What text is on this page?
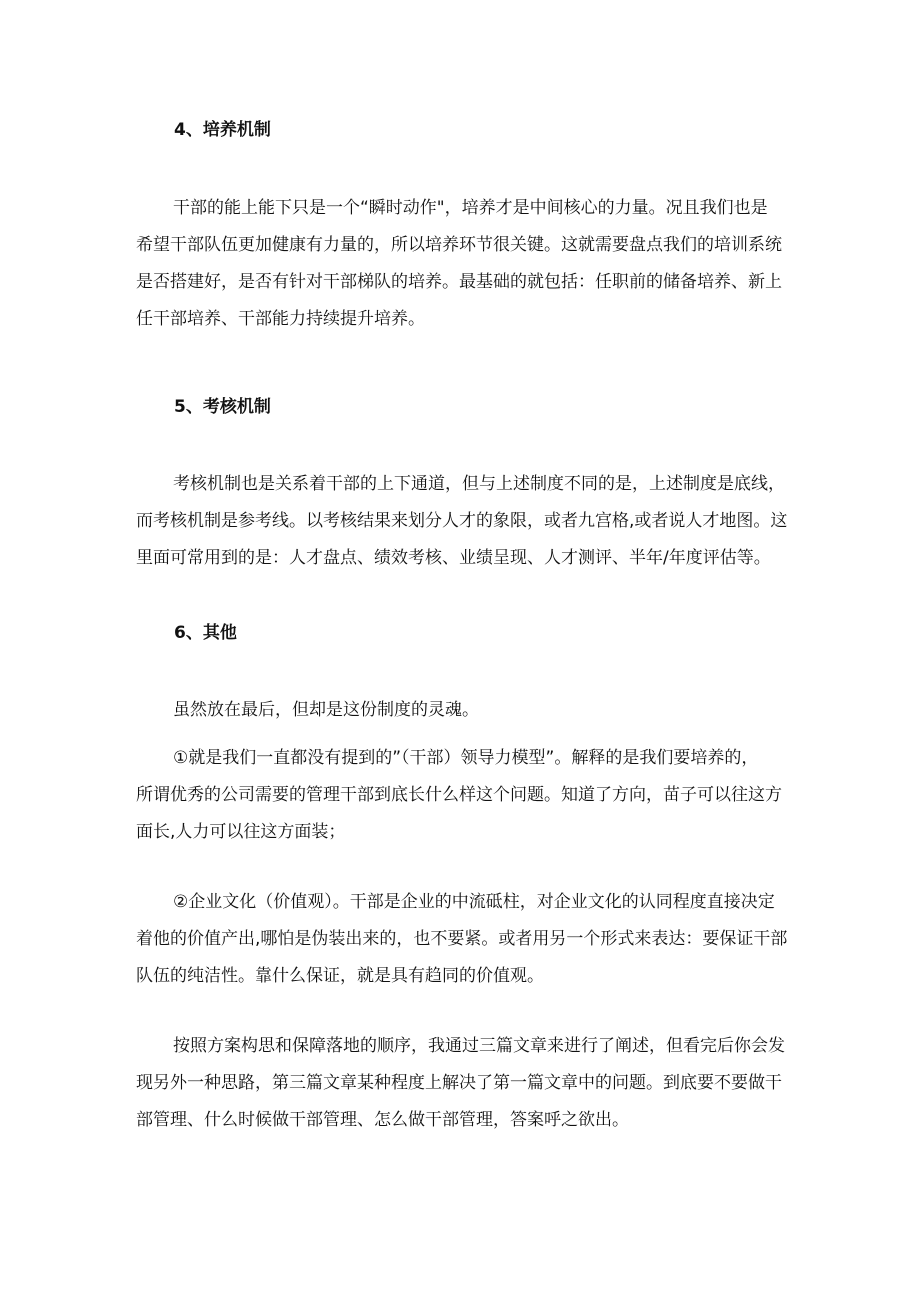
4、培养机制
干部的能上能下只是一个“瞬时动作"，培养才是中间核心的力量。况且我们也是
希望干部队伍更加健康有力量的，所以培养环节很关键。这就需要盘点我们的培训系统
是否搭建好，是否有针对干部梯队的培养。最基础的就包括：任职前的储备培养、新上
任干部培养、干部能力持续提升培养。
5、考核机制
考核机制也是关系着干部的上下通道，但与上述制度不同的是，上述制度是底线，
而考核机制是参考线。以考核结果来划分人才的象限，或者九宫格,或者说人才地图。这
里面可常用到的是：人才盘点、绩效考核、业绩呈现、人才测评、半年/年度评估等。
6、其他
虽然放在最后，但却是这份制度的灵魂。
①就是我们一直都没有提到的”（干部）领导力模型”。解释的是我们要培养的，
所谓优秀的公司需要的管理干部到底长什么样这个问题。知道了方向，苗子可以往这方
面长,人力可以往这方面装；
②企业文化（价值观）。干部是企业的中流砥柱，对企业文化的认同程度直接决定
着他的价值产出,哪怕是伪装出来的，也不要紧。或者用另一个形式来表达：要保证干部
队伍的纯洁性。靠什么保证，就是具有趋同的价值观。
按照方案构思和保障落地的顺序，我通过三篇文章来进行了阐述，但看完后你会发
现另外一种思路，第三篇文章某种程度上解决了第一篇文章中的问题。到底要不要做干
部管理、什么时候做干部管理、怎么做干部管理，答案呼之欲出。
